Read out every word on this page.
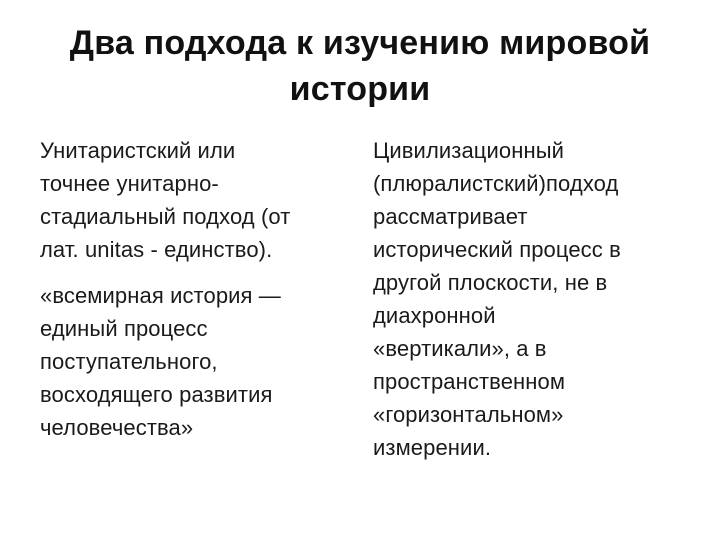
Два подхода к изучению мировой
истории

Унитаристский или
точнее унитарно-
стадиальный подход (от
лат. unitas - единство).

«всемирная история —
единый процесс
поступательного,
восходящего развития
человечества»

Цивилизационный
(плюралистский)подход
рассматривает
исторический процесс в
другой плоскости, не в
диахронной
«вертикали», а в
пространственном
«горизонтальном»
измерении.
